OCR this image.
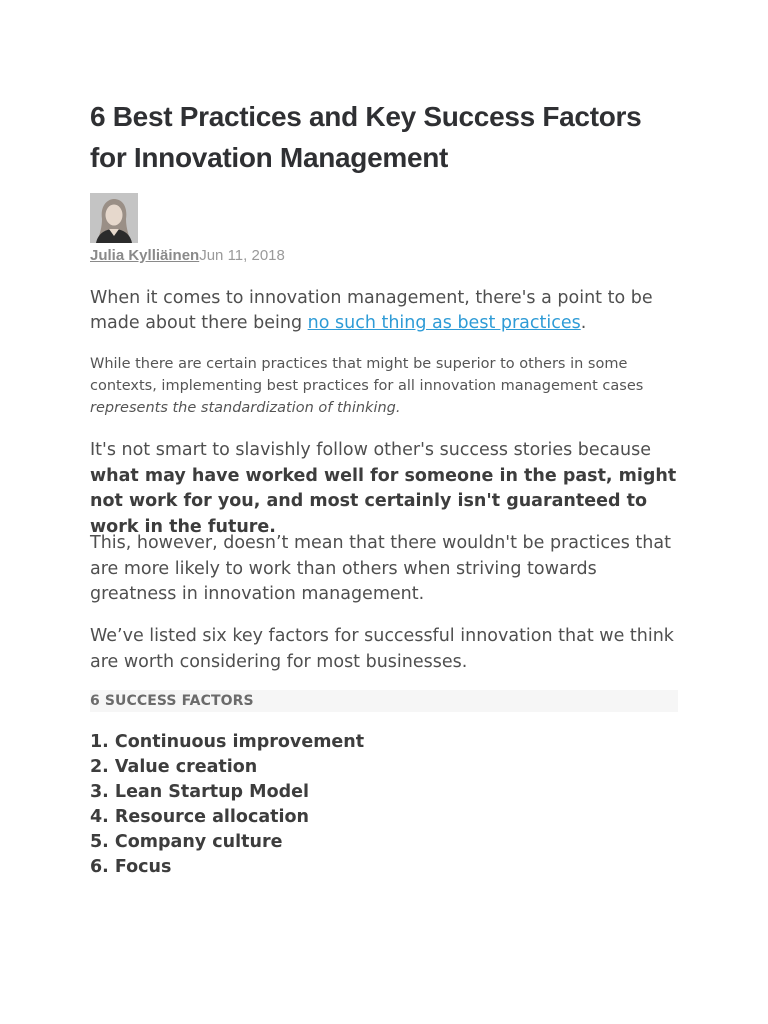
6 Best Practices and Key Success Factors for Innovation Management
Julia KylliäinenJun 11, 2018

When it comes to innovation management, there's a point to be made about there being no such thing as best practices.

While there are certain practices that might be superior to others in some contexts, implementing best practices for all innovation management cases represents the standardization of thinking.

It's not smart to slavishly follow other's success stories because what may have worked well for someone in the past, might not work for you, and most certainly isn't guaranteed to work in the future.

This, however, doesn’t mean that there wouldn't be practices that are more likely to work than others when striving towards greatness in innovation management.

We’ve listed six key factors for successful innovation that we think are worth considering for most businesses.

6 SUCCESS FACTORS
1. Continuous improvement
2. Value creation
3. Lean Startup Model
4. Resource allocation
5. Company culture
6. Focus
